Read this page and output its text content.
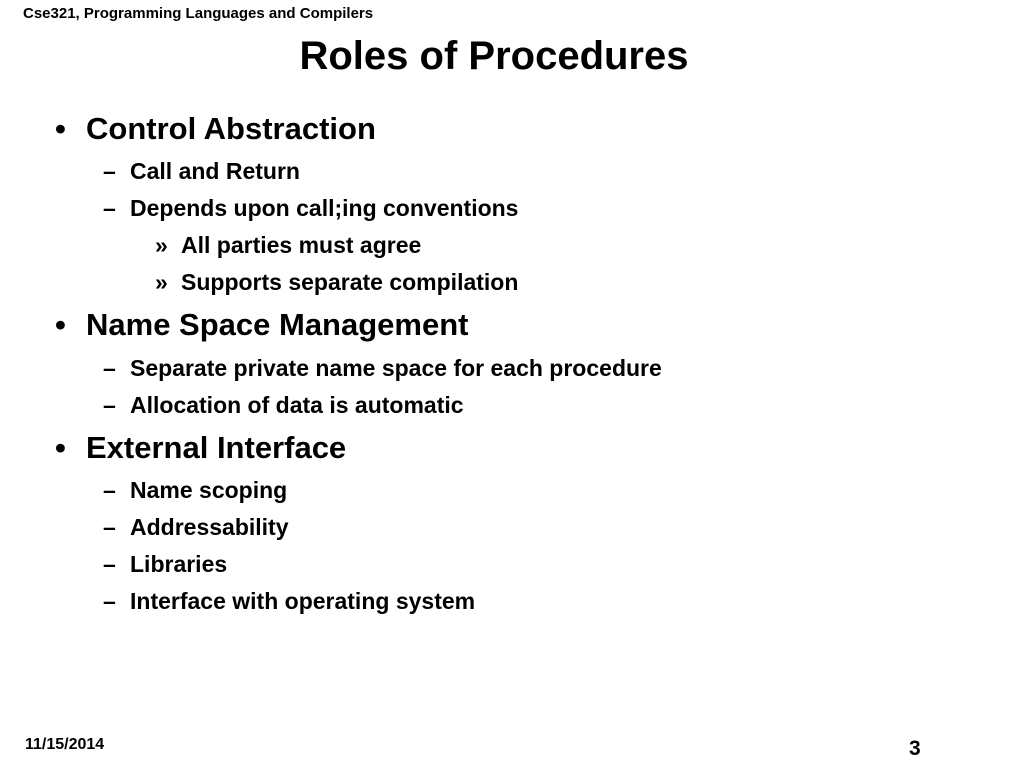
Cse321, Programming Languages and Compilers
Roles of Procedures
• Control Abstraction
– Call and Return
– Depends upon call;ing conventions
» All parties must agree
» Supports separate compilation
• Name Space Management
– Separate private name space for each procedure
– Allocation of data is automatic
• External Interface
– Name scoping
– Addressability
– Libraries
– Interface with operating system
11/15/2014	3
